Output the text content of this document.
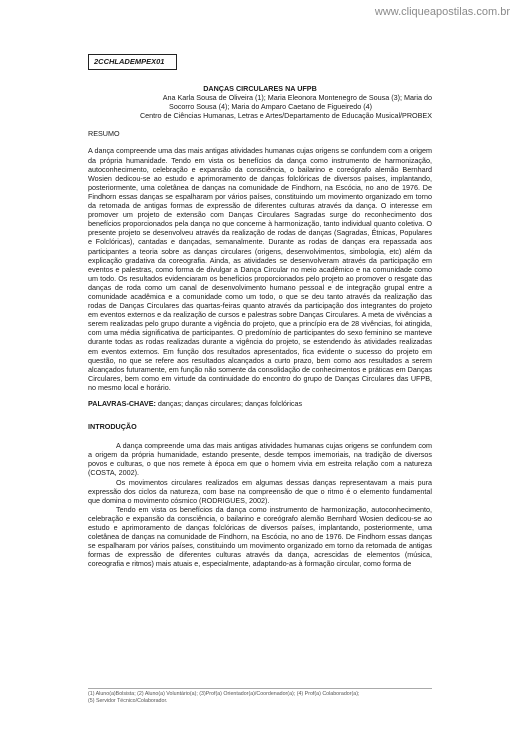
www.cliqueapostilas.com.br
2CCHLADEMPEX01
DANÇAS CIRCULARES NA UFPB
Ana Karla Sousa de Oliveira (1); Maria Eleonora Montenegro de Sousa (3); Maria do
Socorro Sousa (4); Maria do Amparo Caetano de Figueiredo (4)
Centro de Ciências Humanas, Letras e Artes/Departamento de Educação Musical/PROBEX
RESUMO
A dança compreende uma das mais antigas atividades humanas cujas origens se confundem com a origem da própria humanidade. Tendo em vista os benefícios da dança como instrumento de harmonização, autoconhecimento, celebração e expansão da consciência, o bailarino e coreógrafo alemão Bernhard Wosien dedicou-se ao estudo e aprimoramento de danças folclóricas de diversos países, implantando, posteriormente, uma coletânea de danças na comunidade de Findhorn, na Escócia, no ano de 1976. De Findhorn essas danças se espalharam por vários países, constituindo um movimento organizado em torno da retomada de antigas formas de expressão de diferentes culturas através da dança. O interesse em promover um projeto de extensão com Danças Circulares Sagradas surge do reconhecimento dos benefícios proporcionados pela dança no que concerne à harmonização, tanto individual quanto coletiva. O presente projeto se desenvolveu através da realização de rodas de danças (Sagradas, Étnicas, Populares e Folclóricas), cantadas e dançadas, semanalmente. Durante as rodas de danças era repassada aos participantes a teoria sobre as danças circulares (origens, desenvolvimentos, simbologia, etc) além da explicação gradativa da coreografia. Ainda, as atividades se desenvolveram através da participação em eventos e palestras, como forma de divulgar a Dança Circular no meio acadêmico e na comunidade como um todo. Os resultados evidenciaram os benefícios proporcionados pelo projeto ao promover o resgate das danças de roda como um canal de desenvolvimento humano pessoal e de integração grupal entre a comunidade acadêmica e a comunidade como um todo, o que se deu tanto através da realização das rodas de Danças Circulares das quartas-feiras quanto através da participação dos integrantes do projeto em eventos externos e da realização de cursos e palestras sobre Danças Circulares. A meta de vivências a serem realizadas pelo grupo durante a vigência do projeto, que a princípio era de 28 vivências, foi atingida, com uma média significativa de participantes. O predomínio de participantes do sexo feminino se manteve durante todas as rodas realizadas durante a vigência do projeto, se estendendo às atividades realizadas em eventos externos. Em função dos resultados apresentados, fica evidente o sucesso do projeto em questão, no que se refere aos resultados alcançados a curto prazo, bem como aos resultados a serem alcançados futuramente, em função não somente da consolidação de conhecimentos e práticas em Danças Circulares, bem como em virtude da continuidade do encontro do grupo de Danças Circulares das UFPB, no mesmo local e horário.
PALAVRAS-CHAVE: danças; danças circulares; danças folclóricas
INTRODUÇÃO

A dança compreende uma das mais antigas atividades humanas cujas origens se confundem com a origem da própria humanidade, estando presente, desde tempos imemoriais, na tradição de diversos povos e culturas, o que nos remete à época em que o homem vivia em estreita relação com a natureza (COSTA, 2002).

Os movimentos circulares realizados em algumas dessas danças representavam a mais pura expressão dos ciclos da natureza, com base na compreensão de que o ritmo é o elemento fundamental que domina o movimento cósmico (RODRIGUES, 2002).

Tendo em vista os benefícios da dança como instrumento de harmonização, autoconhecimento, celebração e expansão da consciência, o bailarino e coreógrafo alemão Bernhard Wosien dedicou-se ao estudo e aprimoramento de danças folclóricas de diversos países, implantando, posteriormente, uma coletânea de danças na comunidade de Findhorn, na Escócia, no ano de 1976. De Findhorn essas danças se espalharam por vários países, constituindo um movimento organizado em torno da retomada de antigas formas de expressão de diferentes culturas através da dança, acrescidas de elementos (música, coreografia e ritmos) mais atuais e, especialmente, adaptando-as à formação circular, como forma de

(1) Aluno(a)Bolsista; (2) Aluno(a) Voluntário(a); (3)Prof(a) Orientador(a)/Coordenador(a); (4) Prof(a) Colaborador(a);
(5) Servidor Técnico/Colaborador.
